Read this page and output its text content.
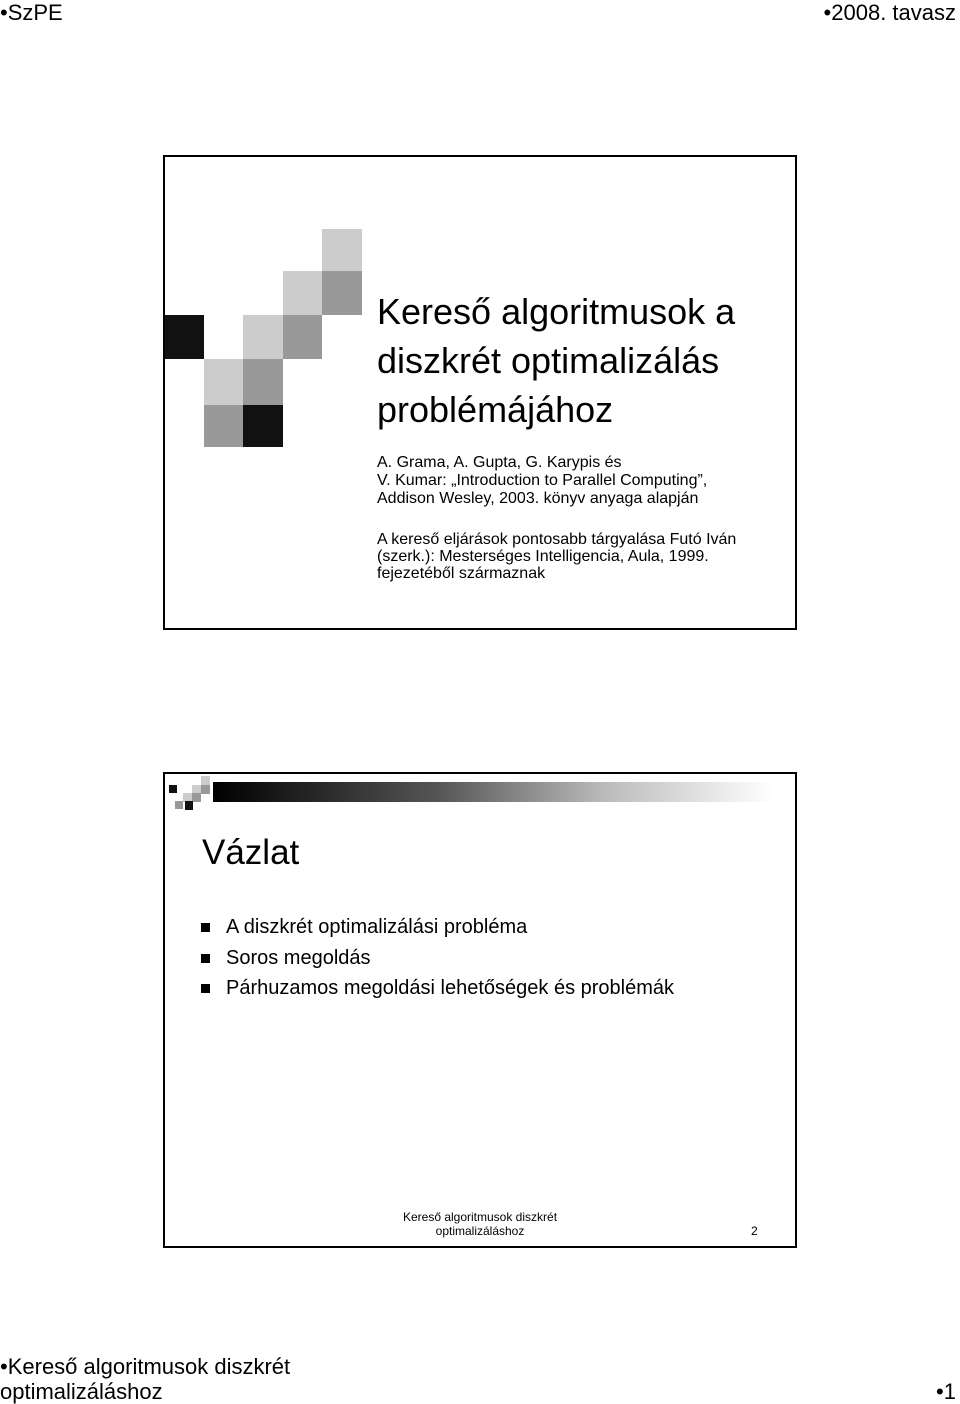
• SzPE	• 2008. tavasz
Kereső algoritmusok a
diszkrét optimalizálás
problémájához
A. Grama, A. Gupta, G. Karypis és
V. Kumar: „Introduction to Parallel Computing”,
Addison Wesley, 2003. könyv anyaga alapján
A kereső eljárások pontosabb tárgyalása Futó Iván
(szerk.): Mesterséges Intelligencia, Aula, 1999.
fejezetéből származnak
Vázlat
A diszkrét optimalizálási probléma
Soros megoldás
Párhuzamos megoldási lehetőségek és problémák
Kereső algoritmusok diszkrét
optimalizáláshoz	2
• Kereső algoritmusok diszkrét
optimalizáláshoz	• 1
